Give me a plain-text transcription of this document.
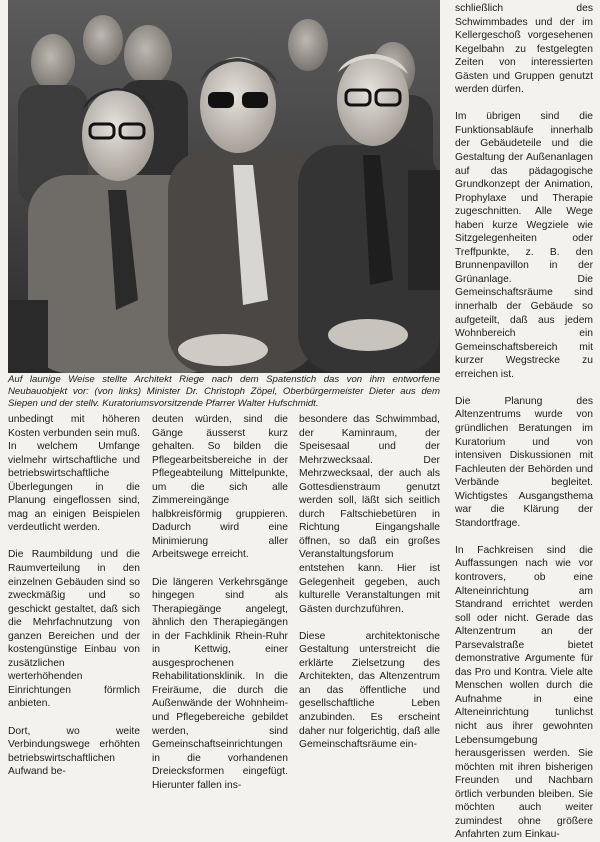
Auf launige Weise stellte Architekt Riege nach dem Spatenstich das von ihm entworfene Neubauobjekt vor: (von links) Minister Dr. Christoph Zöpel, Oberbürgermeister Dieter aus dem Siepen und der stellv. Kuratoriumsvorsitzende Pfarrer Walter Hufschmidt.

unbedingt mit höheren Kosten verbunden sein muß. In welchem Umfange vielmehr wirtschaftliche und betriebswirtschaftliche Überlegungen in die Planung eingeflossen sind, mag an einigen Beispielen verdeutlicht werden.

Die Raumbildung und die Raumverteilung in den einzelnen Gebäuden sind so zweckmäßig und so geschickt gestaltet, daß sich die Mehrfachnutzung von ganzen Bereichen und der kostengünstige Einbau von zusätzlichen werterhöhenden Einrichtungen förmlich anbieten.

Dort, wo weite Verbindungswege erhöhten betriebswirtschaftlichen Aufwand be-

deuten würden, sind die Gänge äusserst kurz gehalten. So bilden die Pflegearbeitsbereiche in der Pflegeabteilung Mittelpunkte, um die sich alle Zimmereingänge halbkreisförmig gruppieren. Dadurch wird eine Minimierung aller Arbeitswege erreicht.

Die längeren Verkehrsgänge hingegen sind als Therapiegänge angelegt, ähnlich den Therapiegängen in der Fachklinik Rhein-Ruhr in Kettwig, einer ausgesprochenen Rehabilitationsklinik. In die Freiräume, die durch die Außenwände der Wohnheim- und Pflegebereiche gebildet werden, sind Gemeinschaftseinrichtungen in die vorhandenen Dreiecksformen eingefügt. Hierunter fallen ins-

besondere das Schwimmbad, der Kaminraum, der Speisesaal und der Mehrzwecksaal. Der Mehrzwecksaal, der auch als Gottesdienstraum genutzt werden soll, läßt sich seitlich durch Faltschiebetüren in Richtung Eingangshalle öffnen, so daß ein großes Veranstaltungsforum entstehen kann. Hier ist Gelegenheit gegeben, auch kulturelle Veranstaltungen mit Gästen durchzuführen.

Diese architektonische Gestaltung unterstreicht die erklärte Zielsetzung des Architekten, das Altenzentrum an das öffentliche und gesellschaftliche Leben anzubinden. Es erscheint daher nur folgerichtig, daß alle Gemeinschaftsräume ein-

schließlich des Schwimmbades und der im Kellergeschoß vorgesehenen Kegelbahn zu festgelegten Zeiten von interessierten Gästen und Gruppen genutzt werden dürfen.

Im übrigen sind die Funktionsabläufe innerhalb der Gebäudeteile und die Gestaltung der Außenanlagen auf das pädagogische Grundkonzept der Animation, Prophylaxe und Therapie zugeschnitten. Alle Wege haben kurze Wegziele wie Sitzgelegenheiten oder Treffpunkte, z. B. den Brunnenpavillon in der Grünanlage. Die Gemeinschaftsräume sind innerhalb der Gebäude so aufgeteilt, daß aus jedem Wohnbereich ein Gemeinschaftsbereich mit kurzer Wegstrecke zu erreichen ist.

Die Planung des Altenzentrums wurde von gründlichen Beratungen im Kuratorium und von intensiven Diskussionen mit Fachleuten der Behörden und Verbände begleitet. Wichtigstes Ausgangsthema war die Klärung der Standortfrage.

In Fachkreisen sind die Auffassungen nach wie vor kontrovers, ob eine Alteneinrichtung am Standrand errichtet werden soll oder nicht. Gerade das Altenzentrum an der Parsevalstraße bietet demonstrative Argumente für das Pro und Kontra. Viele alte Menschen wollen durch die Aufnahme in eine Alteneinrichtung tunlichst nicht aus ihrer gewohnten Lebensumgebung herausgerissen werden. Sie möchten mit ihren bisherigen Freunden und Nachbarn örtlich verbunden bleiben. Sie möchten auch weiter zumindest ohne größere Anfahrten zum Einkau-
